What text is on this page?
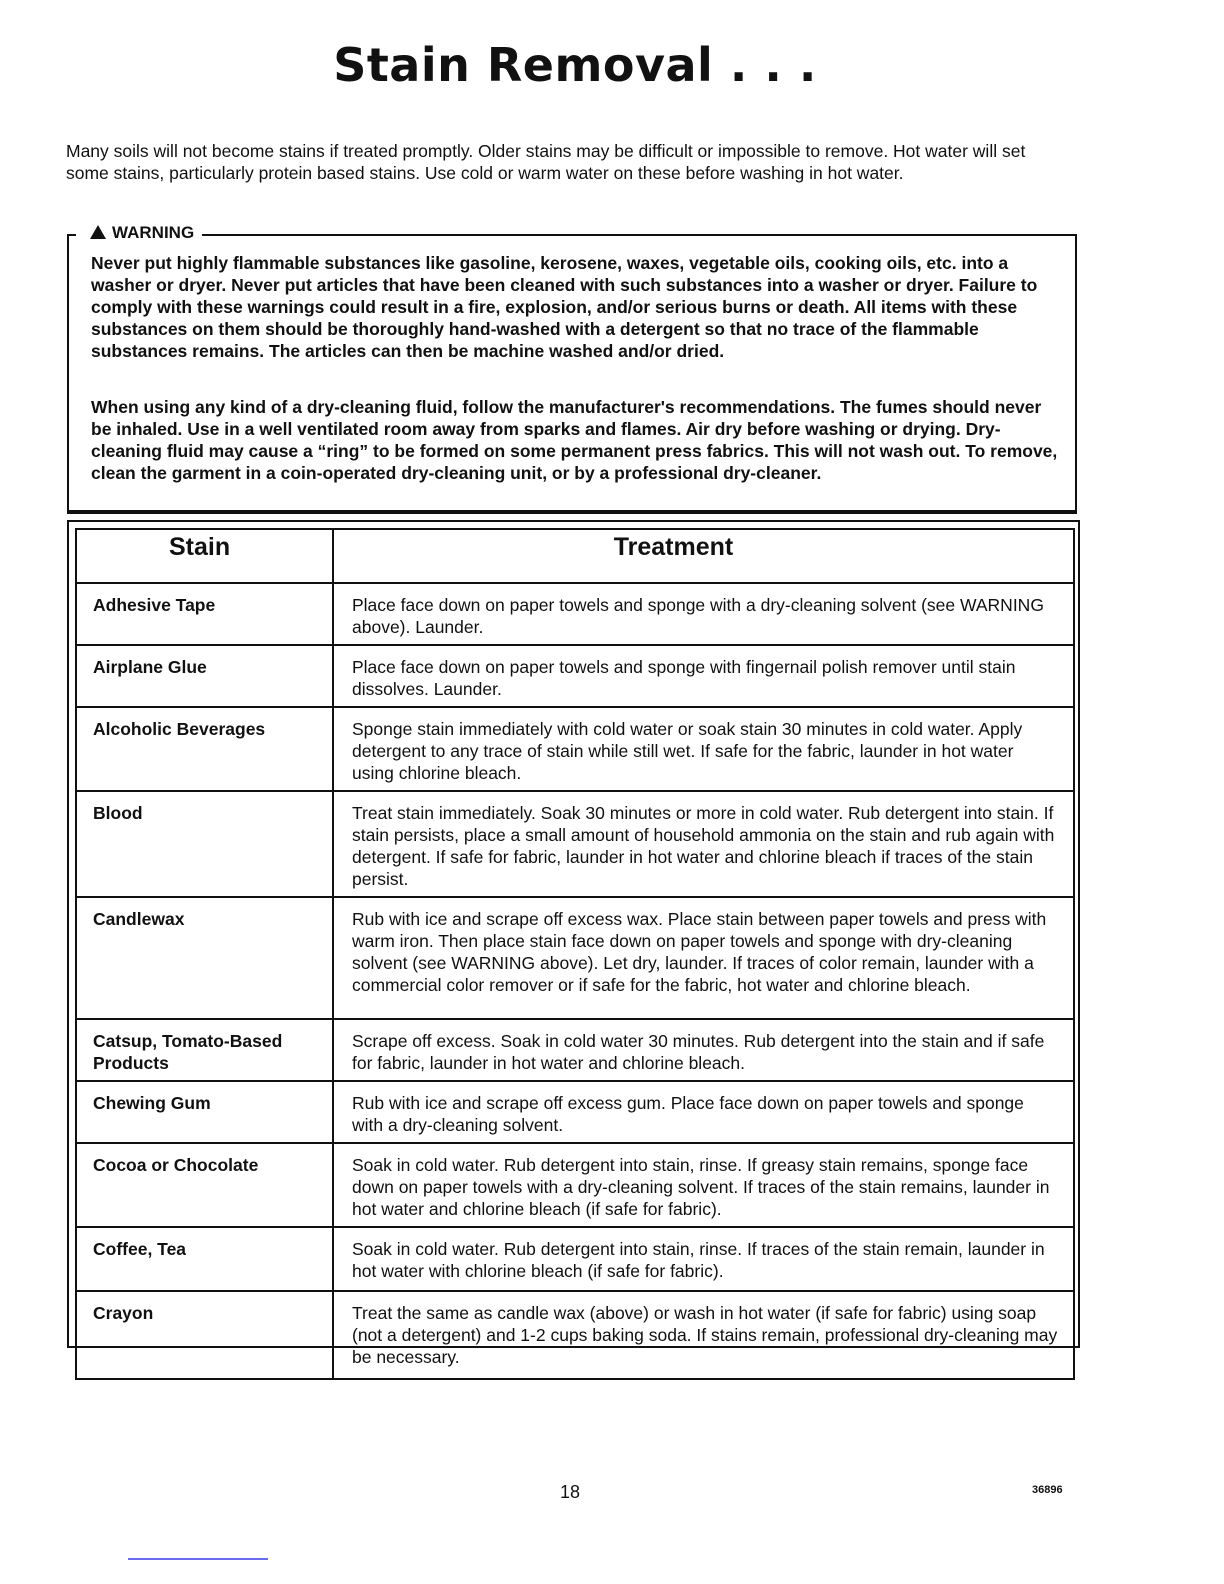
Stain Removal . . .

Many soils will not become stains if treated promptly. Older stains may be difficult or impossible to remove. Hot water will set some stains, particularly protein based stains. Use cold or warm water on these before washing in hot water.

WARNING

Never put highly flammable substances like gasoline, kerosene, waxes, vegetable oils, cooking oils, etc. into a washer or dryer. Never put articles that have been cleaned with such substances into a washer or dryer. Failure to comply with these warnings could result in a fire, explosion, and/or serious burns or death. All items with these substances on them should be thoroughly hand-washed with a detergent so that no trace of the flammable substances remains. The articles can then be machine washed and/or dried.

When using any kind of a dry-cleaning fluid, follow the manufacturer's recommendations. The fumes should never be inhaled. Use in a well ventilated room away from sparks and flames. Air dry before washing or drying. Dry-cleaning fluid may cause a “ring” to be formed on some permanent press fabrics. This will not wash out. To remove, clean the garment in a coin-operated dry-cleaning unit, or by a professional dry-cleaner.

Stain	Treatment
Adhesive Tape	Place face down on paper towels and sponge with a dry-cleaning solvent (see WARNING above). Launder.
Airplane Glue	Place face down on paper towels and sponge with fingernail polish remover until stain dissolves. Launder.
Alcoholic Beverages	Sponge stain immediately with cold water or soak stain 30 minutes in cold water. Apply detergent to any trace of stain while still wet. If safe for the fabric, launder in hot water using chlorine bleach.
Blood	Treat stain immediately. Soak 30 minutes or more in cold water. Rub detergent into stain. If stain persists, place a small amount of household ammonia on the stain and rub again with detergent. If safe for fabric, launder in hot water and chlorine bleach if traces of the stain persist.
Candlewax	Rub with ice and scrape off excess wax. Place stain between paper towels and press with warm iron. Then place stain face down on paper towels and sponge with dry-cleaning solvent (see WARNING above). Let dry, launder. If traces of color remain, launder with a commercial color remover or if safe for the fabric, hot water and chlorine bleach.
Catsup, Tomato-Based Products	Scrape off excess. Soak in cold water 30 minutes. Rub detergent into the stain and if safe for fabric, launder in hot water and chlorine bleach.
Chewing Gum	Rub with ice and scrape off excess gum. Place face down on paper towels and sponge with a dry-cleaning solvent.
Cocoa or Chocolate	Soak in cold water. Rub detergent into stain, rinse. If greasy stain remains, sponge face down on paper towels with a dry-cleaning solvent. If traces of the stain remains, launder in hot water and chlorine bleach (if safe for fabric).
Coffee, Tea	Soak in cold water. Rub detergent into stain, rinse. If traces of the stain remain, launder in hot water with chlorine bleach (if safe for fabric).
Crayon	Treat the same as candle wax (above) or wash in hot water (if safe for fabric) using soap (not a detergent) and 1-2 cups baking soda. If stains remain, professional dry-cleaning may be necessary.

18	36896
